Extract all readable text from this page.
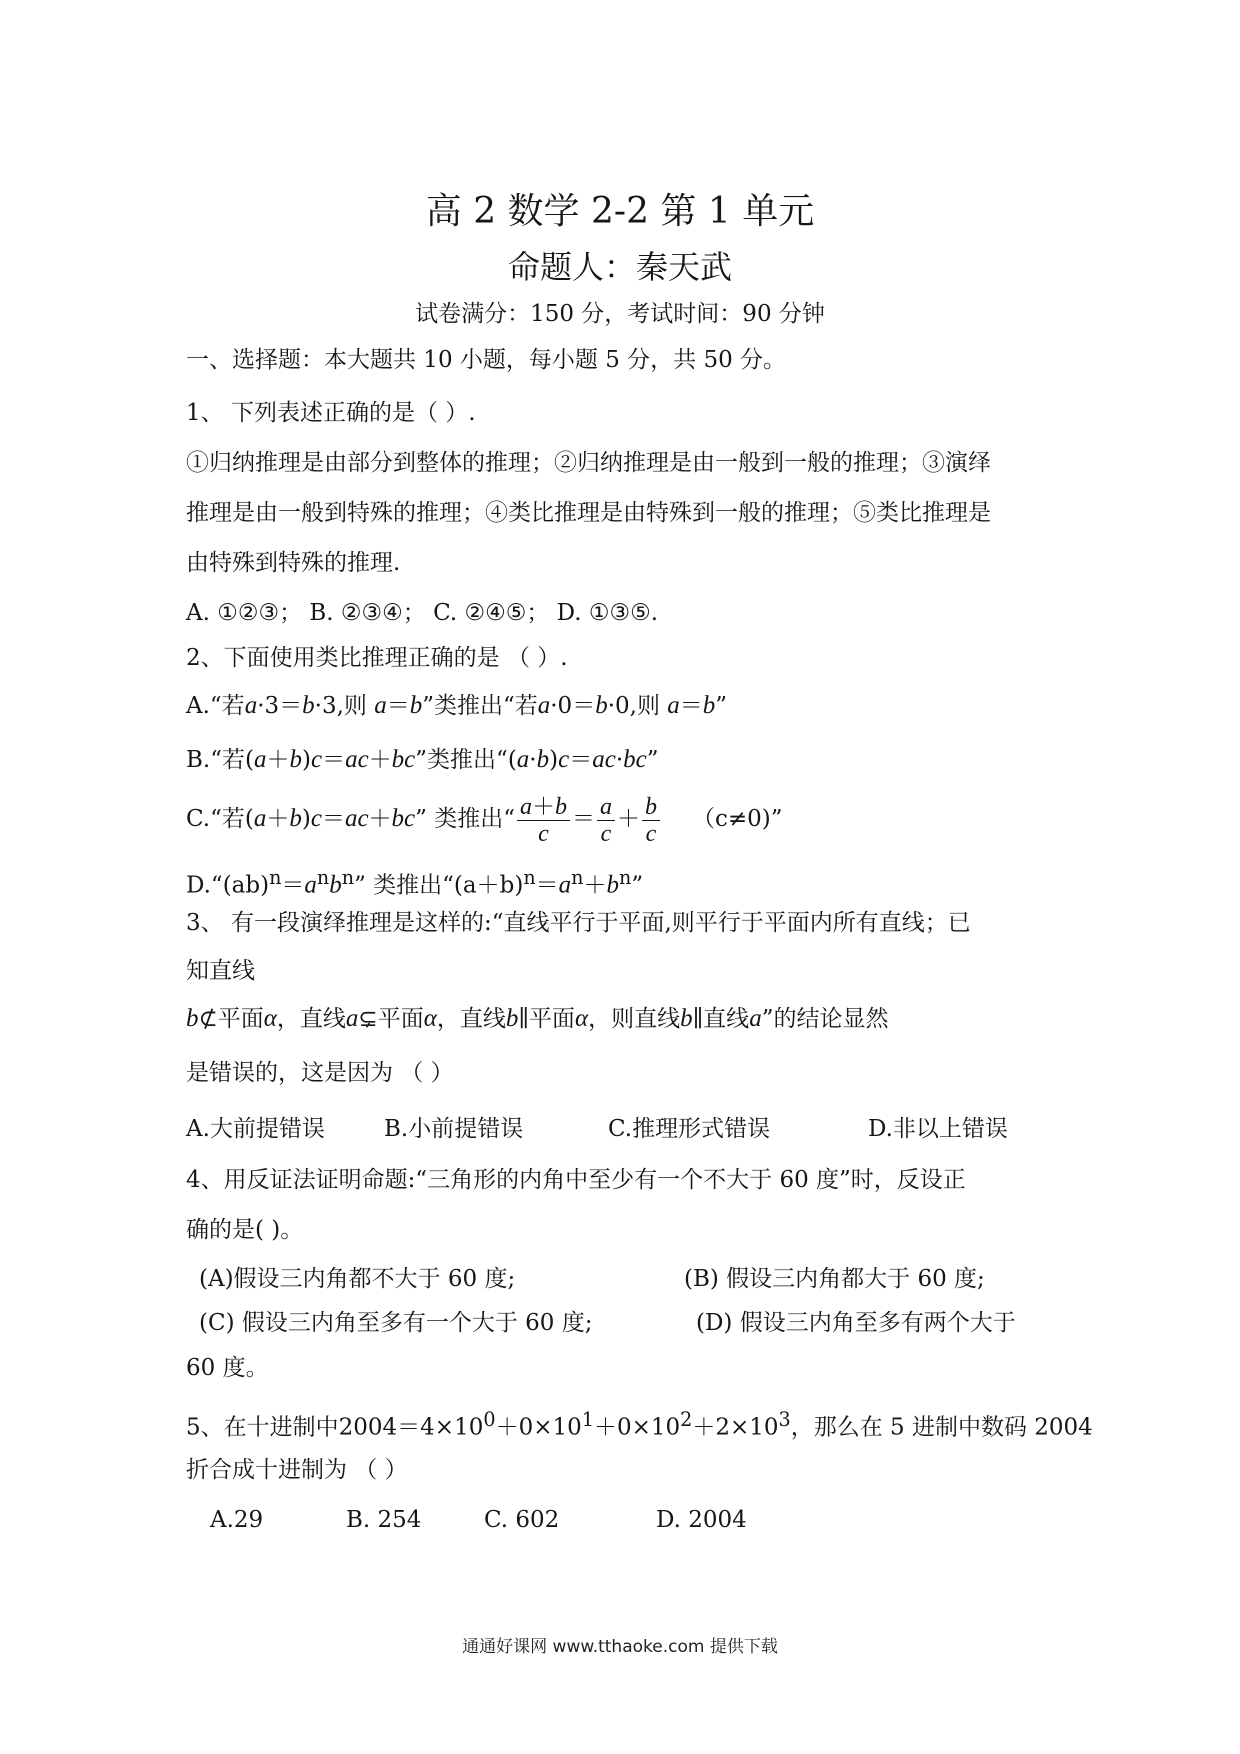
高 2 数学 2-2 第 1 单元
命题人：秦天武
试卷满分：150 分，考试时间：90 分钟
一、选择题：本大题共 10 小题，每小题 5 分，共 50 分。
1、 下列表述正确的是（ ）.
①归纳推理是由部分到整体的推理；②归纳推理是由一般到一般的推理；③演绎
推理是由一般到特殊的推理；④类比推理是由特殊到一般的推理；⑤类比推理是
由特殊到特殊的推理.
A. ①②③； B. ②③④； C. ②④⑤； D. ①③⑤.
2、下面使用类比推理正确的是 （ ）.
A.“若a·3＝b·3,则 a＝b”类推出“若a·0＝b·0,则 a＝b”
B.“若(a＋b)c＝ac＋bc”类推出“(a·b)c＝ac·bc”
C.“若(a＋b)c＝ac＋bc” 类推出“ $\frac{a+b}{c} = \frac{a}{c} + \frac{b}{c} (c\ne 0)$”
$D.“(ab)^n=a^nb^n$” 类推出“$(a+b)^n=a^n+b^n$”
3、 有一段演绎推理是这样的:“直线平行于平面,则平行于平面内所有直线；已
知直线
b⊄平面α，直线a⊊平面α，直线b∥平面α，则直线b∥直线a”的结论显然
是错误的，这是因为 （ ）
A.大前提错误	B.小前提错误	C.推理形式错误	D.非以上错误
4、用反证法证明命题:“三角形的内角中至少有一个不大于 60 度”时，反设正
确的是( )。
(A)假设三内角都不大于 60 度;	(B) 假设三内角都大于 60 度;
(C) 假设三内角至多有一个大于 60 度;	(D) 假设三内角至多有两个大于
60 度。
5、在十进制中$2004=4\times 10^0+0\times 10^1+0\times 10^2+2\times 10^3$，那么在 5 进制中数码 2004
折合成十进制为 （ ）
A.29	B. 254	C. 602	D. 2004
通通好课网 www.tthaoke.com 提供下载
